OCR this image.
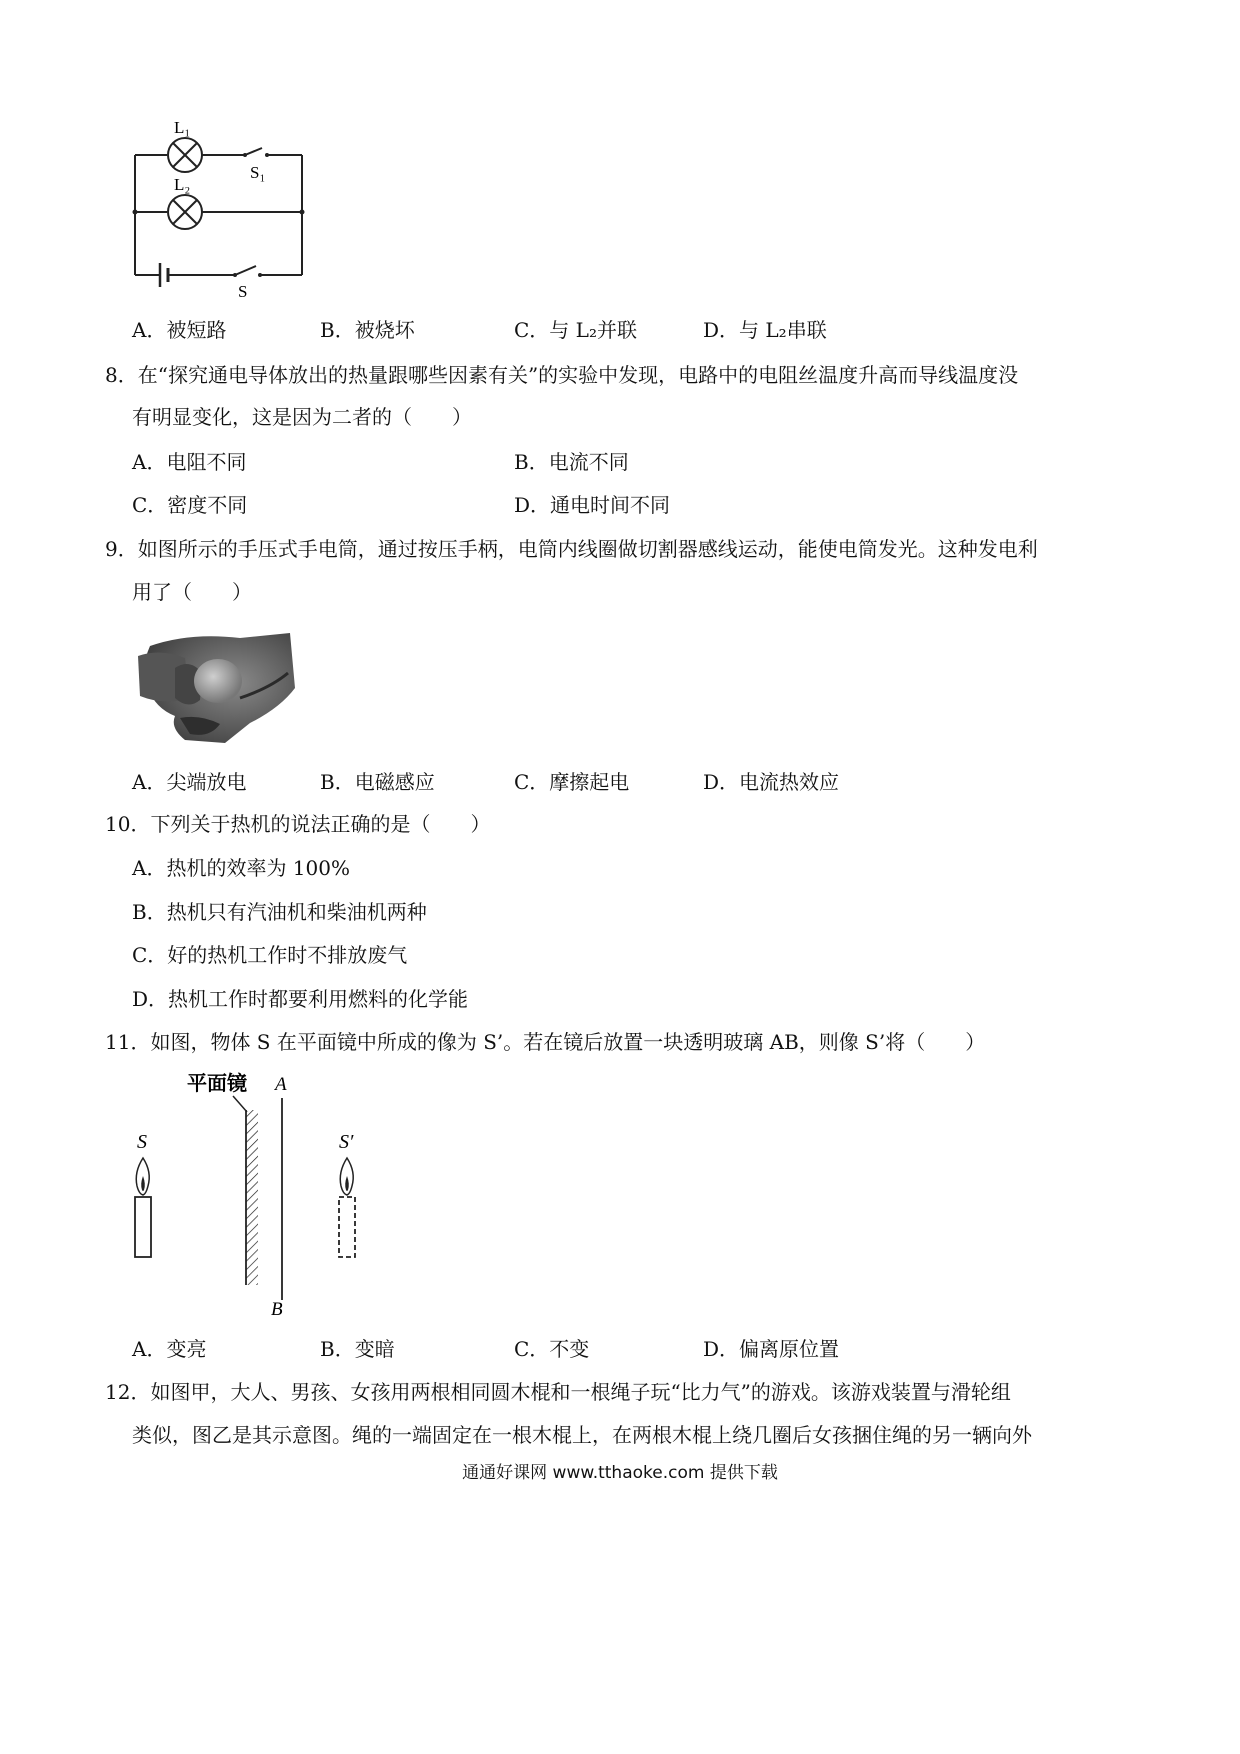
L₁
L₂
S₁
S
A．被短路	B．被烧坏	C．与 L₂并联	D．与 L₂串联
8．在“探究通电导体放出的热量跟哪些因素有关”的实验中发现，电路中的电阻丝温度升高而导线温度没
有明显变化，这是因为二者的（　　）
A．电阻不同	B．电流不同
C．密度不同	D．通电时间不同
9．如图所示的手压式手电筒，通过按压手柄，电筒内线圈做切割器感线运动，能使电筒发光。这种发电利
用了（　　）
A．尖端放电	B．电磁感应	C．摩擦起电	D．电流热效应
10．下列关于热机的说法正确的是（　　）
A．热机的效率为 100%
B．热机只有汽油机和柴油机两种
C．好的热机工作时不排放废气
D．热机工作时都要利用燃料的化学能
11．如图，物体 S 在平面镜中所成的像为 S’。若在镜后放置一块透明玻璃 AB，则像 S’将（　　）
平面镜 A
B
S	S′
A．变亮	B．变暗	C．不变	D．偏离原位置
12．如图甲，大人、男孩、女孩用两根相同圆木棍和一根绳子玩“比力气”的游戏。该游戏装置与滑轮组
类似，图乙是其示意图。绳的一端固定在一根木棍上，在两根木棍上绕几圈后女孩捆住绳的另一辆向外
通通好课网 www.tthaoke.com 提供下载
